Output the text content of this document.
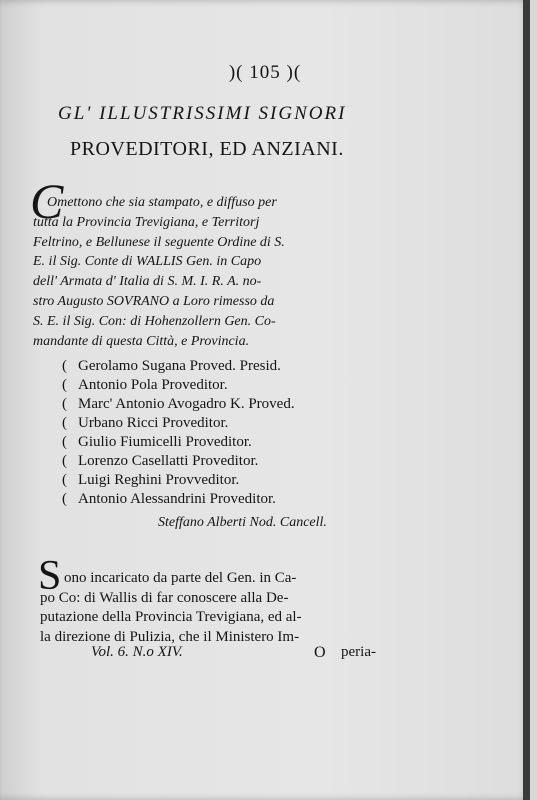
)( 105 )(
GL' ILLUSTRISSIMI SIGNORI
PROVEDITORI, ED ANZIANI.
C
Omettono che sia stampato, e diffuso per
tutta la Provincia Trevigiana, e Territorj
Feltrino, e Bellunese il seguente Ordine di S.
E. il Sig. Conte di WALLIS Gen. in Capo
dell' Armata d' Italia di S. M. I. R. A. no-
stro Augusto SOVRANO a Loro rimesso da
S. E. il Sig. Con: di Hohenzollern Gen. Co-
mandante di questa Città, e Provincia.
( Gerolamo Sugana Proved. Presid.
( Antonio Pola Proveditor.
( Marc' Antonio Avogadro K. Proved.
( Urbano Ricci Proveditor.
( Giulio Fiumicelli Proveditor.
( Lorenzo Casellatti Proveditor.
( Luigi Reghini Provveditor.
( Antonio Alessandrini Proveditor.
Steffano Alberti Nod. Cancell.
S ono incaricato da parte del Gen. in Ca-
po Co: di Wallis di far conoscere alla De-
putazione della Provincia Trevigiana, ed al-
la direzione di Pulizia, che il Ministero Im-
Vol. 6. N.o XIV.	O peria-
